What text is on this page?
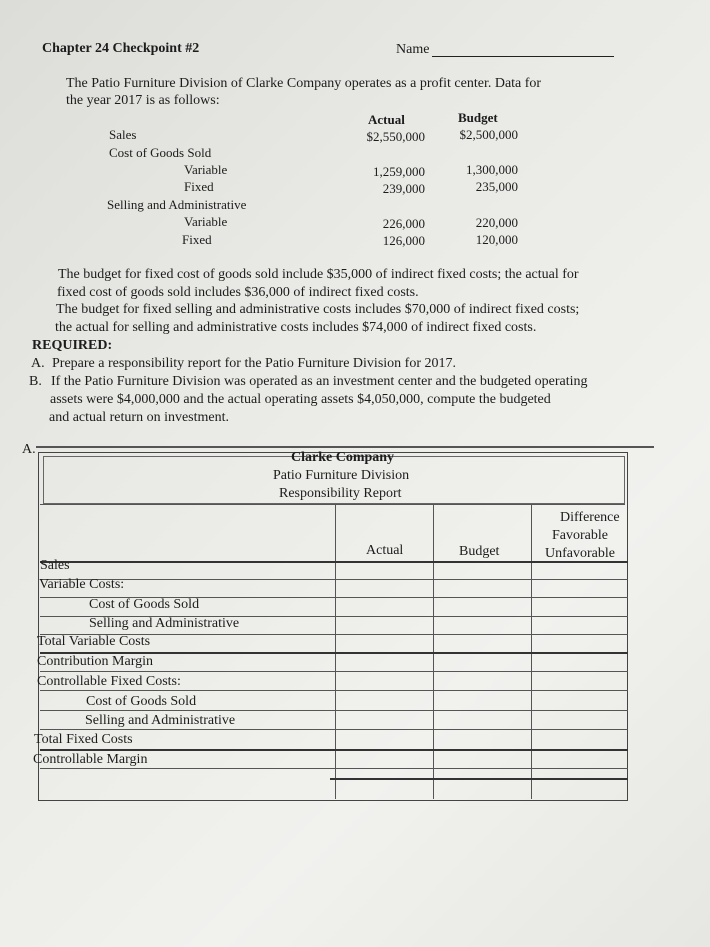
Chapter 24 Checkpoint #2	Name
The Patio Furniture Division of Clarke Company operates as a profit center. Data for
the year 2017 is as follows:
Actual	Budget
Sales	$2,550,000	$2,500,000
Cost of Goods Sold
Variable	1,259,000	1,300,000
Fixed	239,000	235,000
Selling and Administrative
Variable	226,000	220,000
Fixed	126,000	120,000
The budget for fixed cost of goods sold include $35,000 of indirect fixed costs; the actual for
fixed cost of goods sold includes $36,000 of indirect fixed costs.
The budget for fixed selling and administrative costs includes $70,000 of indirect fixed costs;
the actual for selling and administrative costs includes $74,000 of indirect fixed costs.
REQUIRED:
A. Prepare a responsibility report for the Patio Furniture Division for 2017.
B. If the Patio Furniture Division was operated as an investment center and the budgeted operating
assets were $4,000,000 and the actual operating assets $4,050,000, compute the budgeted
and actual return on investment.
A.
Clarke Company
Patio Furniture Division
Responsibility Report
Actual	Budget
Difference
Favorable
Unfavorable
Sales
Variable Costs:
Cost of Goods Sold
Selling and Administrative
Total Variable Costs
Contribution Margin
Controllable Fixed Costs:
Cost of Goods Sold
Selling and Administrative
Total Fixed Costs
Controllable Margin
